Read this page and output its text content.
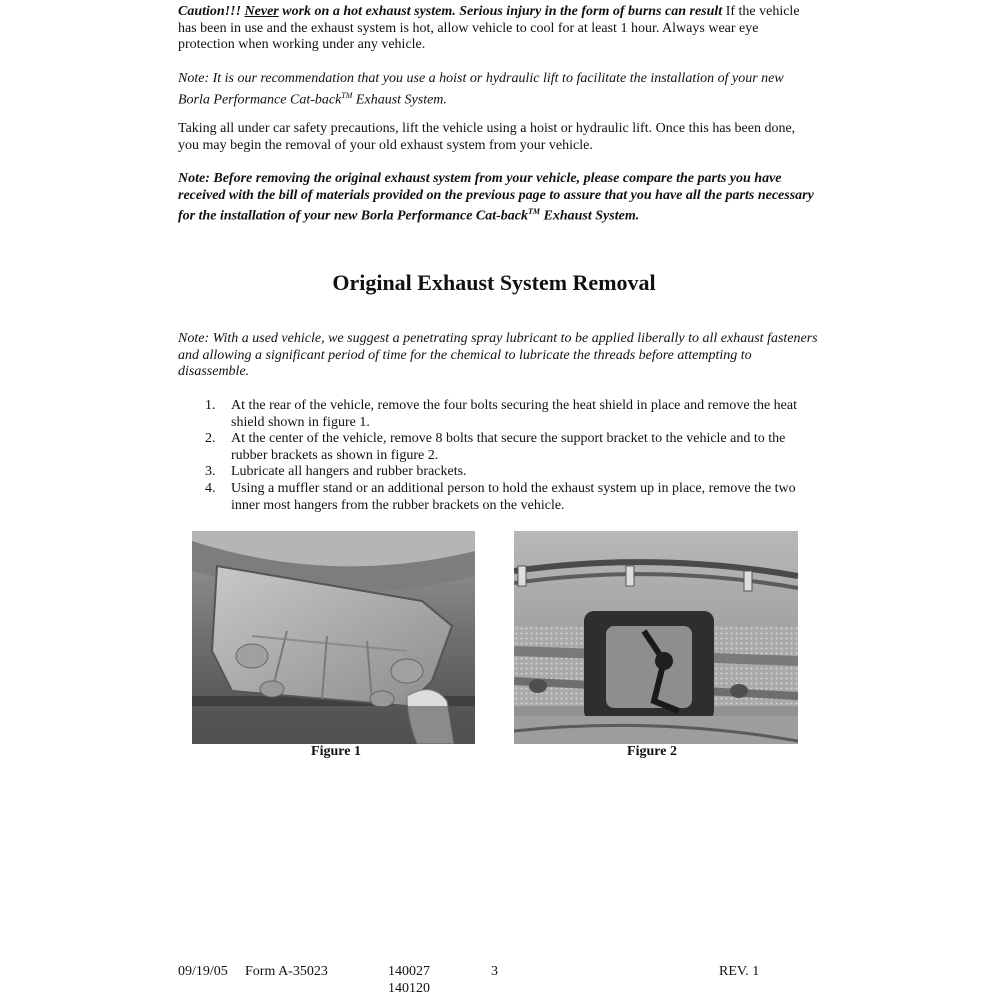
Caution!!! Never work on a hot exhaust system. Serious injury in the form of burns can result If the vehicle has been in use and the exhaust system is hot, allow vehicle to cool for at least 1 hour. Always wear eye protection when working under any vehicle.

Note: It is our recommendation that you use a hoist or hydraulic lift to facilitate the installation of your new Borla Performance Cat-back™ Exhaust System.

Taking all under car safety precautions, lift the vehicle using a hoist or hydraulic lift. Once this has been done, you may begin the removal of your old exhaust system from your vehicle.

Note: Before removing the original exhaust system from your vehicle, please compare the parts you have received with the bill of materials provided on the previous page to assure that you have all the parts necessary for the installation of your new Borla Performance Cat-back™ Exhaust System.

Original Exhaust System Removal

Note: With a used vehicle, we suggest a penetrating spray lubricant to be applied liberally to all exhaust fasteners and allowing a significant period of time for the chemical to lubricate the threads before attempting to disassemble.

1. At the rear of the vehicle, remove the four bolts securing the heat shield in place and remove the heat shield shown in figure 1.
2. At the center of the vehicle, remove 8 bolts that secure the support bracket to the vehicle and to the rubber brackets as shown in figure 2.
3. Lubricate all hangers and rubber brackets.
4. Using a muffler stand or an additional person to hold the exhaust system up in place, remove the two inner most hangers from the rubber brackets on the vehicle.
Figure 1	Figure 2
09/19/05 Form A-35023	140027
140120
3	REV. 1
